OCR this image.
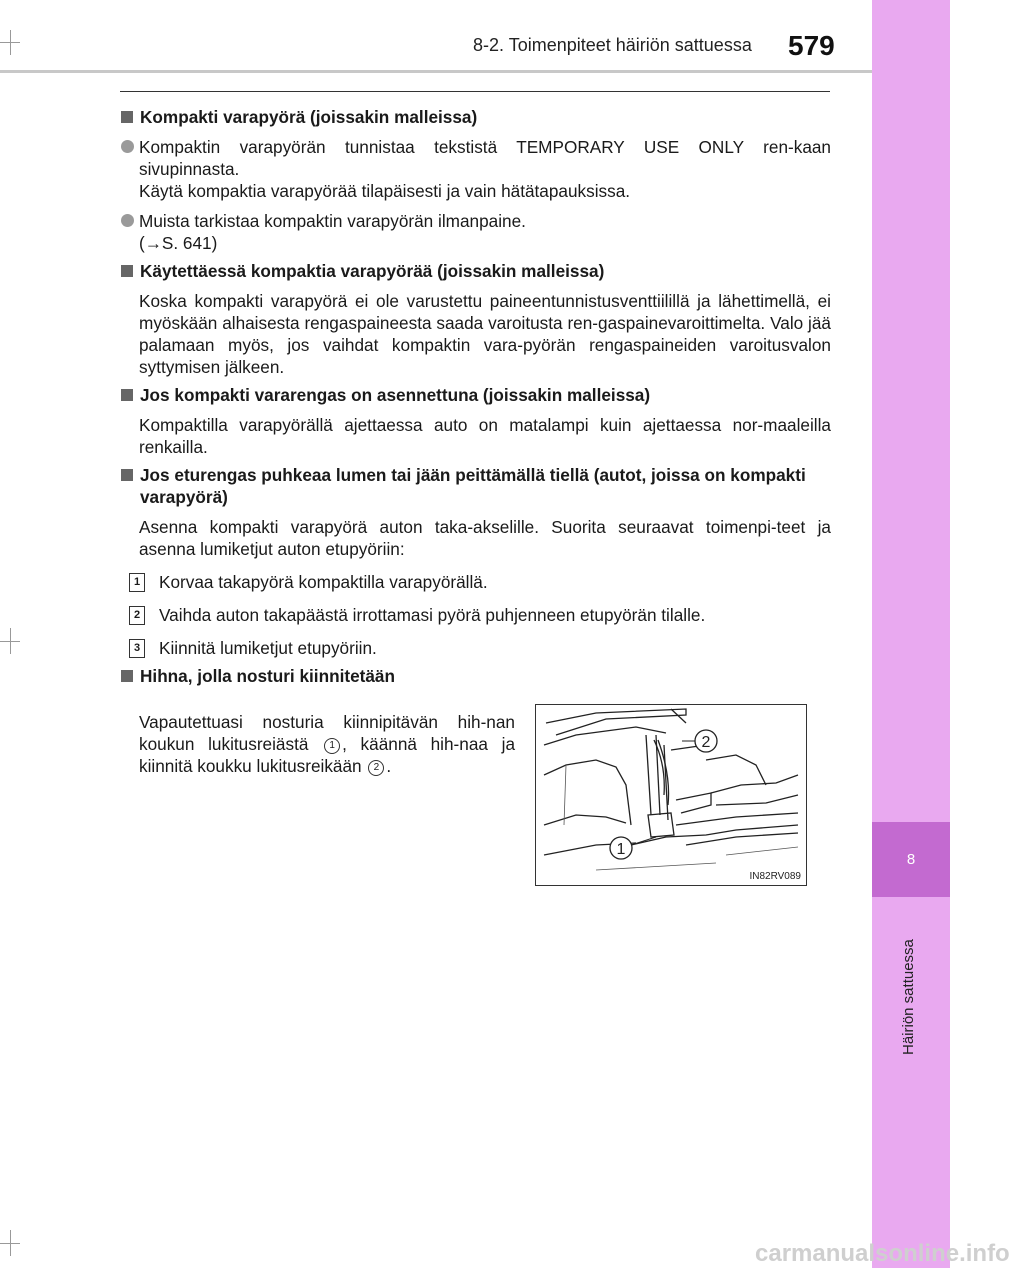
8
Häiriön sattuessa
8-2. Toimenpiteet häiriön sattuessa 579
Kompakti varapyörä (joissakin malleissa)

Kompaktin varapyörän tunnistaa tekstistä TEMPORARY USE ONLY ren-kaan sivupinnasta.

Käytä kompaktia varapyörää tilapäisesti ja vain hätätapauksissa.

Muista tarkistaa kompaktin varapyörän ilmanpaine.

(→S. 641)

Käytettäessä kompaktia varapyörää (joissakin malleissa)

Koska kompakti varapyörä ei ole varustettu paineentunnistusventtiilillä ja lähettimellä, ei myöskään alhaisesta rengaspaineesta saada varoitusta ren-gaspainevaroittimelta. Valo jää palamaan myös, jos vaihdat kompaktin vara-pyörän rengaspaineiden varoitusvalon syttymisen jälkeen.

Jos kompakti vararengas on asennettuna (joissakin malleissa)

Kompaktilla varapyörällä ajettaessa auto on matalampi kuin ajettaessa nor-maaleilla renkailla.

Jos eturengas puhkeaa lumen tai jään peittämällä tiellä (autot, joissa on kompakti varapyörä)

Asenna kompakti varapyörä auton taka-akselille. Suorita seuraavat toimenpi-teet ja asenna lumiketjut auton etupyöriin:

1 Korvaa takapyörä kompaktilla varapyörällä.
2 Vaihda auton takapäästä irrottamasi pyörä puhjenneen etupyörän tilalle.
3 Kiinnitä lumiketjut etupyöriin.
Hihna, jolla nosturi kiinnitetään
Vapautettuasi nosturia kiinnipitävän hih-nan koukun lukitusreiästä 1 , käännä hih-naa ja kiinnitä koukku lukitusreikään 2 .
2
1
IN82RV089
carmanualsonline.info
